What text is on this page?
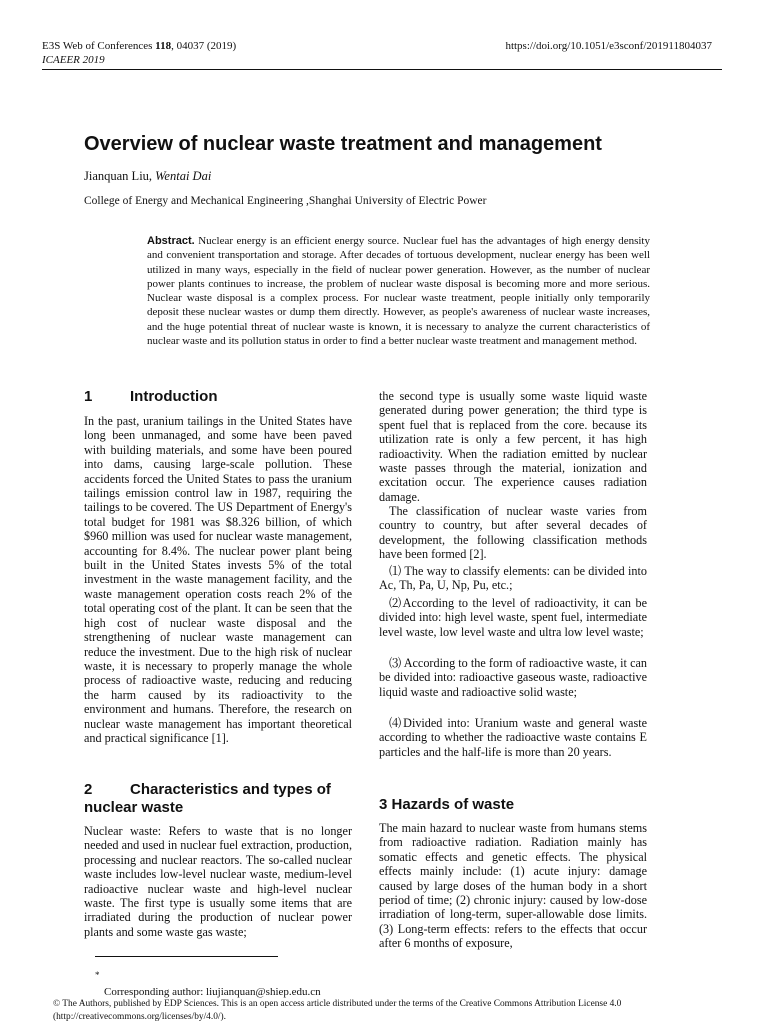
E3S Web of Conferences 118, 04037 (2019)
ICAEER 2019
https://doi.org/10.1051/e3sconf/201911804037
Overview of nuclear waste treatment and management
Jianquan Liu, Wentai Dai
College of Energy and Mechanical Engineering ,Shanghai University of Electric Power
Abstract. Nuclear energy is an efficient energy source. Nuclear fuel has the advantages of high energy density and convenient transportation and storage. After decades of tortuous development, nuclear energy has been well utilized in many ways, especially in the field of nuclear power generation. However, as the number of nuclear power plants continues to increase, the problem of nuclear waste disposal is becoming more and more serious. Nuclear waste disposal is a complex process. For nuclear waste treatment, people initially only temporarily deposit these nuclear wastes or dump them directly. However, as people's awareness of nuclear waste increases, and the huge potential threat of nuclear waste is known, it is necessary to analyze the current characteristics of nuclear waste and its pollution status in order to find a better nuclear waste treatment and management method.
1	Introduction

In the past, uranium tailings in the United States have long been unmanaged, and some have been paved with building materials, and some have been poured into dams, causing large-scale pollution. These accidents forced the United States to pass the uranium tailings emission control law in 1987, requiring the tailings to be covered. The US Department of Energy's total budget for 1981 was $8.326 billion, of which $960 million was used for nuclear waste management, accounting for 8.4%. The nuclear power plant being built in the United States invests 5% of the total investment in the waste management facility, and the waste management operation costs reach 2% of the total operating cost of the plant. It can be seen that the high cost of nuclear waste disposal and the strengthening of nuclear waste management can reduce the investment. Due to the high risk of nuclear waste, it is necessary to properly manage the whole process of radioactive waste, reducing and reducing the harm caused by its radioactivity to the environment and humans. Therefore, the research on nuclear waste management has important theoretical and practical significance [1].

2	Characteristics and types of nuclear waste

Nuclear waste: Refers to waste that is no longer needed and used in nuclear fuel extraction, production, processing and nuclear reactors. The so-called nuclear waste includes low-level nuclear waste, medium-level radioactive nuclear waste and high-level nuclear waste. The first type is usually some items that are irradiated during the production of nuclear power plants and some waste gas waste;

the second type is usually some waste liquid waste generated during power generation; the third type is spent fuel that is replaced from the core. because its utilization rate is only a few percent, it has high radioactivity. When the radiation emitted by nuclear waste passes through the material, ionization and excitation occur. The experience causes radiation damage.

The classification of nuclear waste varies from country to country, but after several decades of development, the following classification methods have been formed [2].

⑴ The way to classify elements: can be divided into Ac, Th, Pa, U, Np, Pu, etc.;

⑵According to the level of radioactivity, it can be divided into: high level waste, spent fuel, intermediate level waste, low level waste and ultra low level waste;

⑶ According to the form of radioactive waste, it can be divided into: radioactive gaseous waste, radioactive liquid waste and radioactive solid waste;

⑷Divided into: Uranium waste and general waste according to whether the radioactive waste contains E particles and the half-life is more than 20 years.

3 Hazards of waste

The main hazard to nuclear waste from humans stems from radioactive radiation. Radiation mainly has somatic effects and genetic effects. The physical effects mainly include: (1) acute injury: damage caused by large doses of the human body in a short period of time; (2) chronic injury: caused by low-dose irradiation of long-term, super-allowable dose limits. (3) Long-term effects: refers to the effects that occur after 6 months of exposure,

*
Corresponding author: liujianquan@shiep.edu.cn
© The Authors, published by EDP Sciences. This is an open access article distributed under the terms of the Creative Commons Attribution License 4.0 (http://creativecommons.org/licenses/by/4.0/).
